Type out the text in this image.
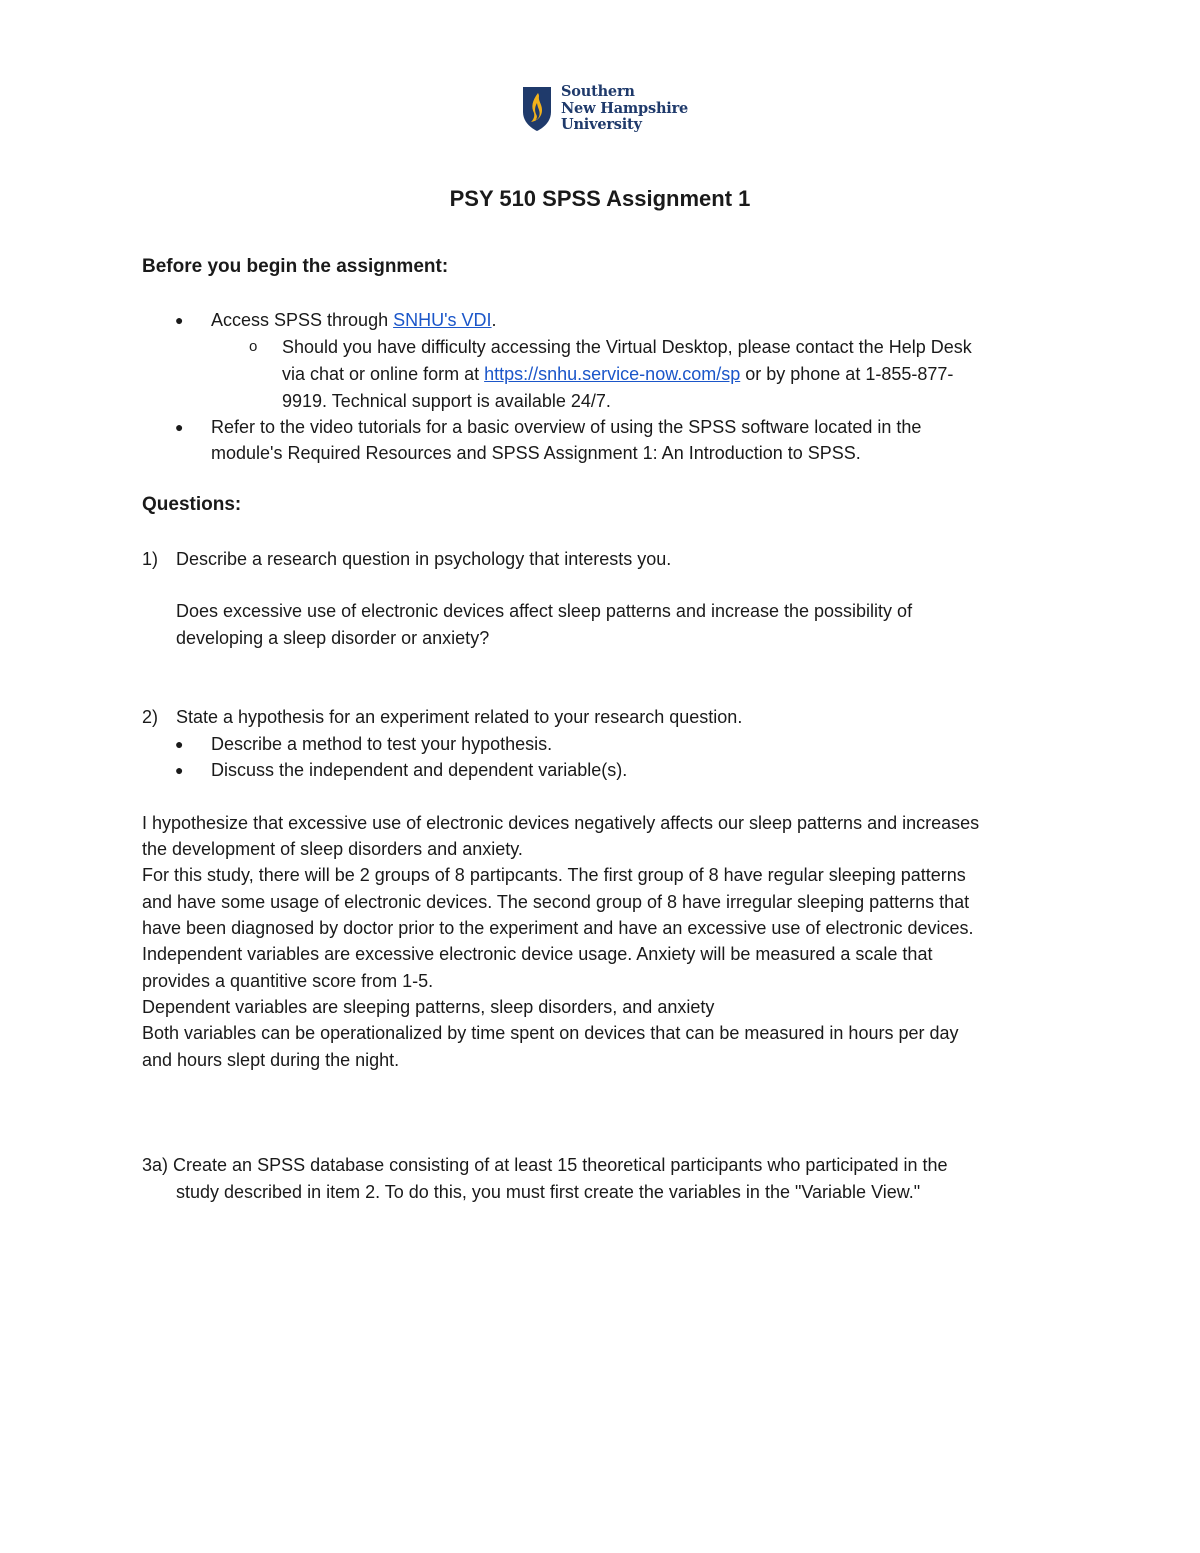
Southern
New Hampshire
University
PSY 510 SPSS Assignment 1
Before you begin the assignment:
● Access SPSS through SNHU's VDI.
o Should you have difficulty accessing the Virtual Desktop, please contact the Help Desk
via chat or online form at https://snhu.service-now.com/sp or by phone at 1-855-877-
9919. Technical support is available 24/7.
● Refer to the video tutorials for a basic overview of using the SPSS software located in the
module's Required Resources and SPSS Assignment 1: An Introduction to SPSS.
Questions:
1) Describe a research question in psychology that interests you.
Does excessive use of electronic devices affect sleep patterns and increase the possibility of
developing a sleep disorder or anxiety?
2) State a hypothesis for an experiment related to your research question.
● Describe a method to test your hypothesis.
● Discuss the independent and dependent variable(s).
I hypothesize that excessive use of electronic devices negatively affects our sleep patterns and increases
the development of sleep disorders and anxiety.
For this study, there will be 2 groups of 8 partipcants. The first group of 8 have regular sleeping patterns
and have some usage of electronic devices. The second group of 8 have irregular sleeping patterns that
have been diagnosed by doctor prior to the experiment and have an excessive use of electronic devices.
Independent variables are excessive electronic device usage. Anxiety will be measured a scale that
provides a quantitive score from 1-5.
Dependent variables are sleeping patterns, sleep disorders, and anxiety
Both variables can be operationalized by time spent on devices that can be measured in hours per day
and hours slept during the night.
3a) Create an SPSS database consisting of at least 15 theoretical participants who participated in the
study described in item 2. To do this, you must first create the variables in the "Variable View."
